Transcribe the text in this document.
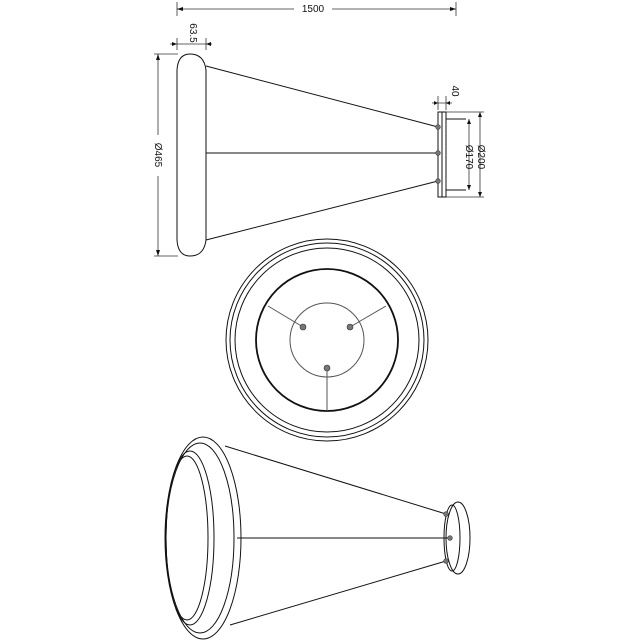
1500
63.5
Ø465
40
Ø200
Ø170
